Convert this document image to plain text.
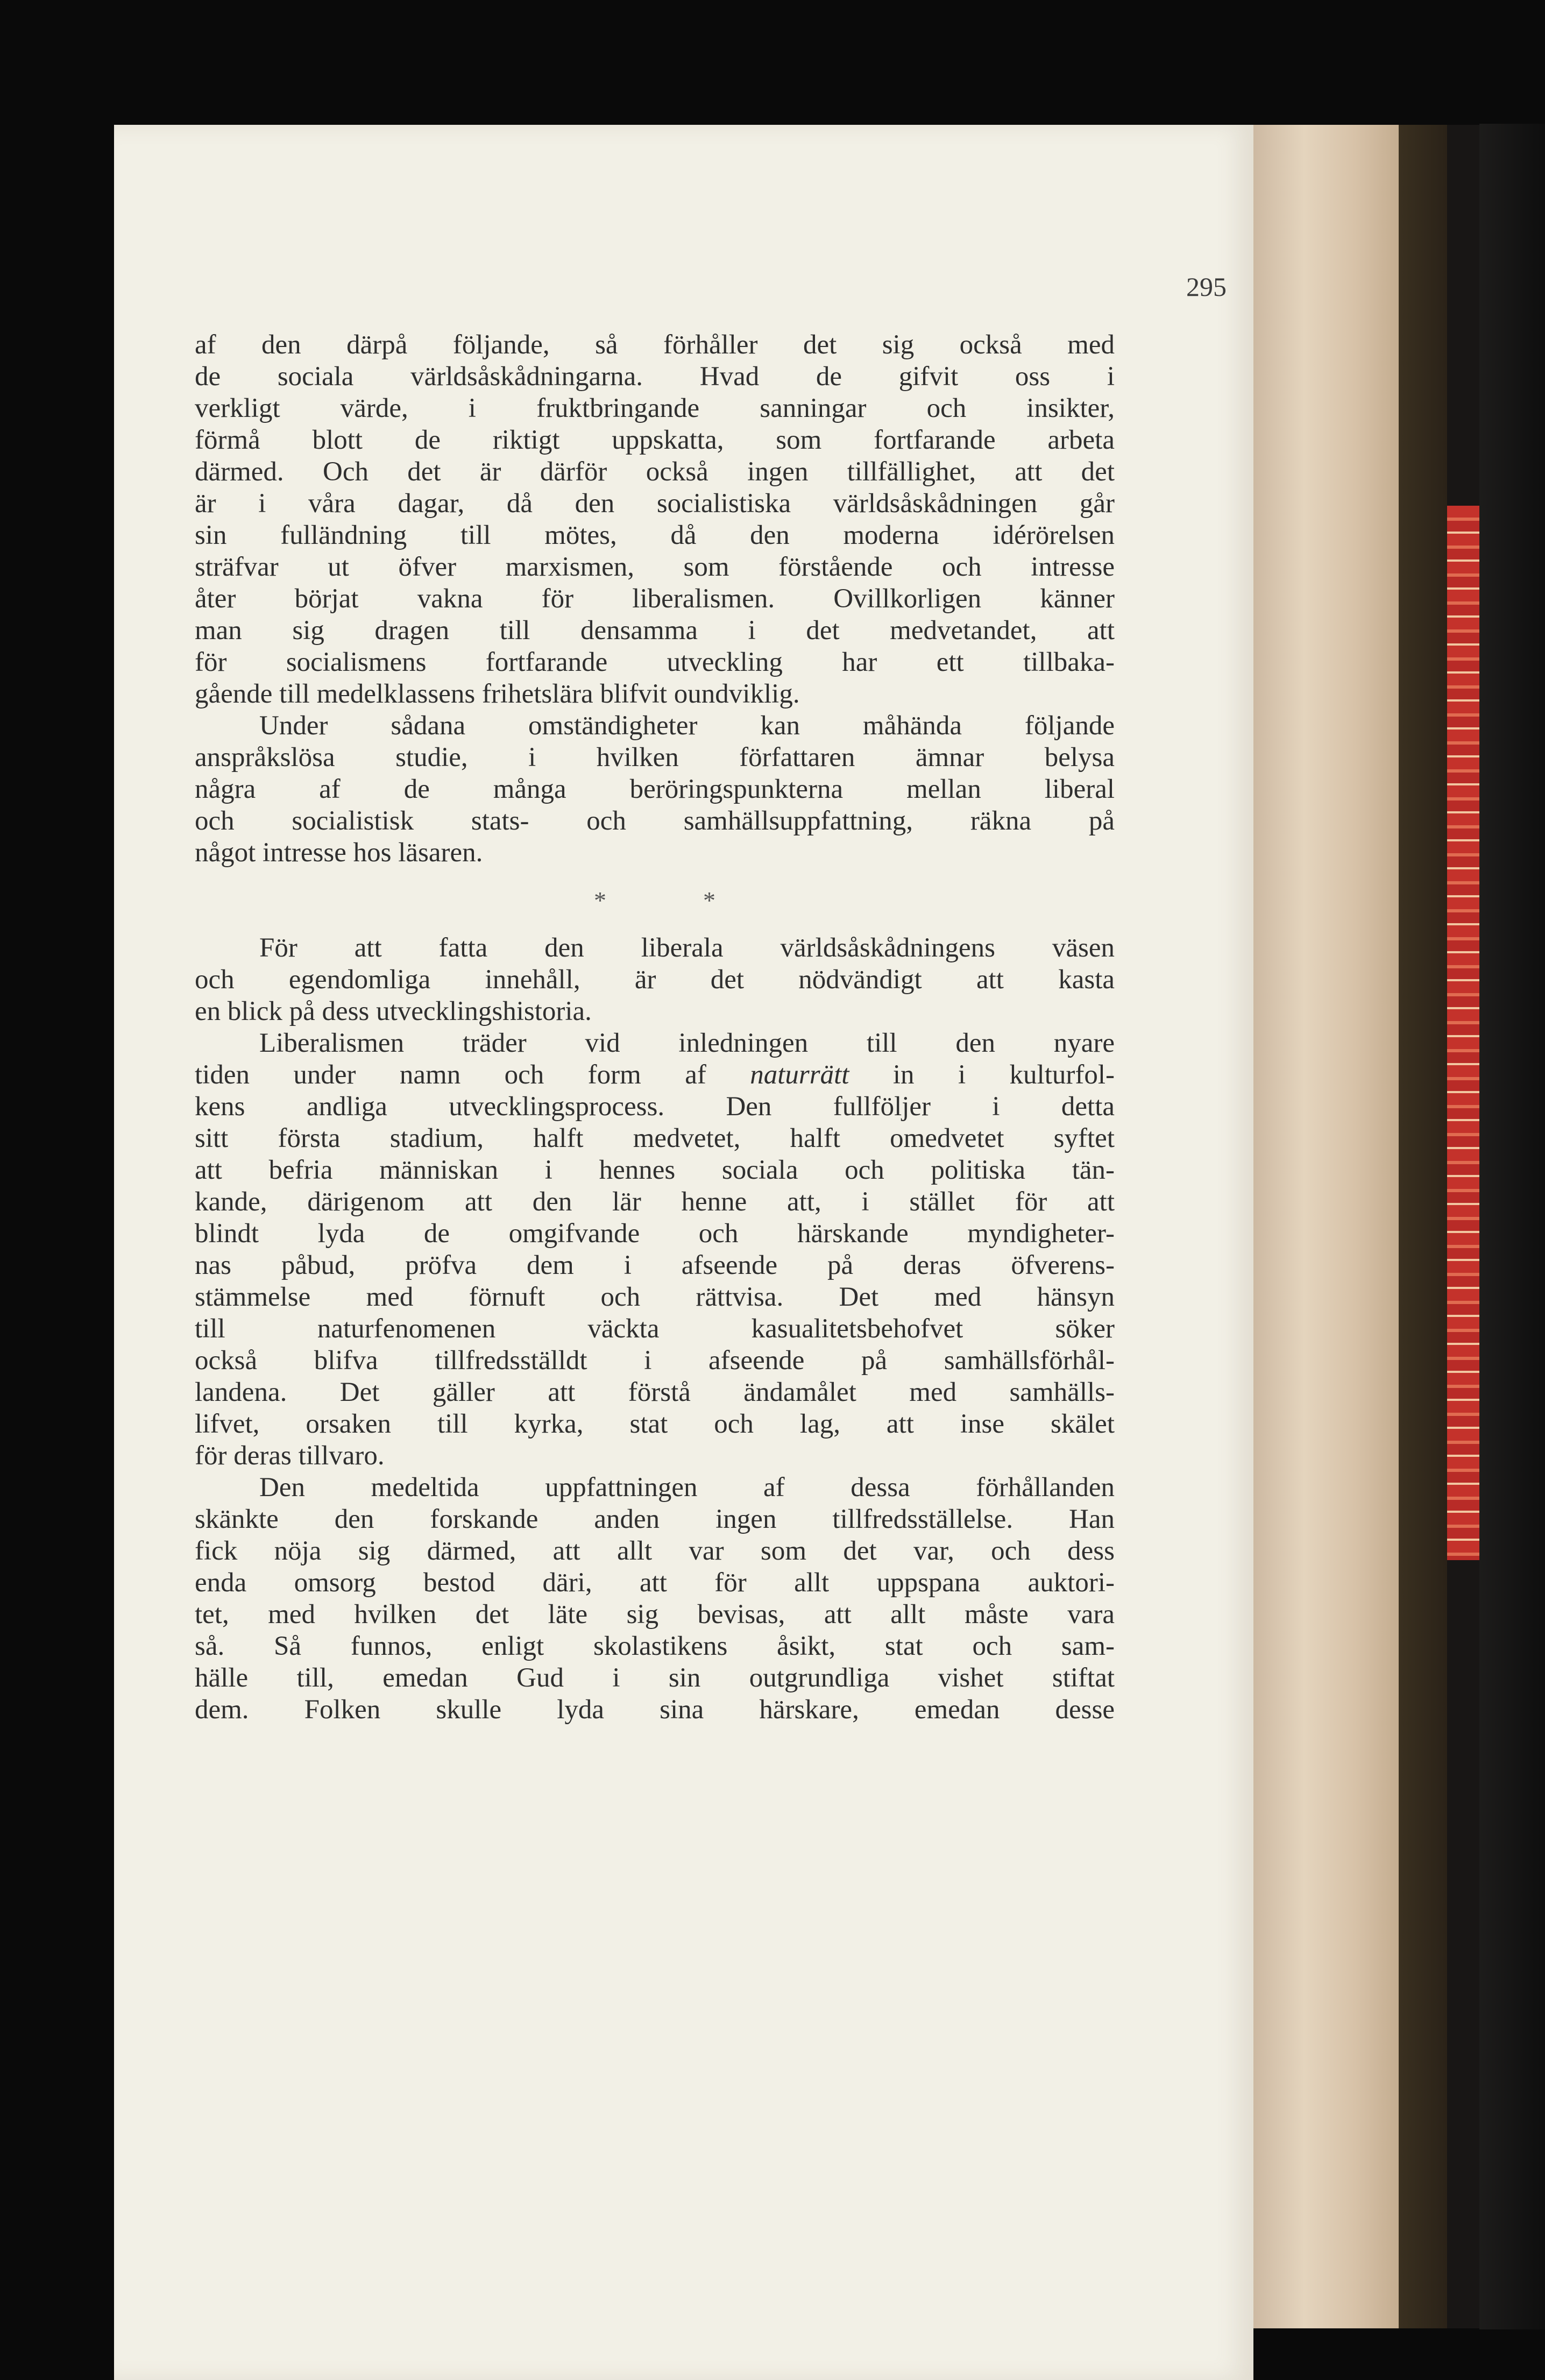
295
af den därpå följande, så förhåller det sig också med
de sociala världsåskådningarna. Hvad de gifvit oss i
verkligt värde, i fruktbringande sanningar och insikter,
förmå blott de riktigt uppskatta, som fortfarande arbeta
därmed. Och det är därför också ingen tillfällighet, att det
är i våra dagar, då den socialistiska världsåskådningen går
sin fulländning till mötes, då den moderna idérörelsen
sträfvar ut öfver marxismen, som förstående och intresse
åter börjat vakna för liberalismen. Ovillkorligen känner
man sig dragen till densamma i det medvetandet, att
för socialismens fortfarande utveckling har ett tillbaka-
gående till medelklassens frihetslära blifvit oundviklig.
Under sådana omständigheter kan måhända följande
anspråkslösa studie, i hvilken författaren ämnar belysa
några af de många beröringspunkterna mellan liberal
och socialistisk stats- och samhällsuppfattning, räkna på
något intresse hos läsaren.
*	*
För att fatta den liberala världsåskådningens väsen
och egendomliga innehåll, är det nödvändigt att kasta
en blick på dess utvecklingshistoria.
Liberalismen träder vid inledningen till den nyare
tiden under namn och form af naturrätt in i kulturfol-
kens andliga utvecklingsprocess. Den fullföljer i detta
sitt första stadium, halft medvetet, halft omedvetet syftet
att befria människan i hennes sociala och politiska tän-
kande, därigenom att den lär henne att, i stället för att
blindt lyda de omgifvande och härskande myndigheter-
nas påbud, pröfva dem i afseende på deras öfverens-
stämmelse med förnuft och rättvisa. Det med hänsyn
till naturfenomenen väckta kasualitetsbehofvet söker
också blifva tillfredsställdt i afseende på samhällsförhål-
landena. Det gäller att förstå ändamålet med samhälls-
lifvet, orsaken till kyrka, stat och lag, att inse skälet
för deras tillvaro.
Den medeltida uppfattningen af dessa förhållanden
skänkte den forskande anden ingen tillfredsställelse. Han
fick nöja sig därmed, att allt var som det var, och dess
enda omsorg bestod däri, att för allt uppspana auktori-
tet, med hvilken det läte sig bevisas, att allt måste vara
så. Så funnos, enligt skolastikens åsikt, stat och sam-
hälle till, emedan Gud i sin outgrundliga vishet stiftat
dem. Folken skulle lyda sina härskare, emedan desse
